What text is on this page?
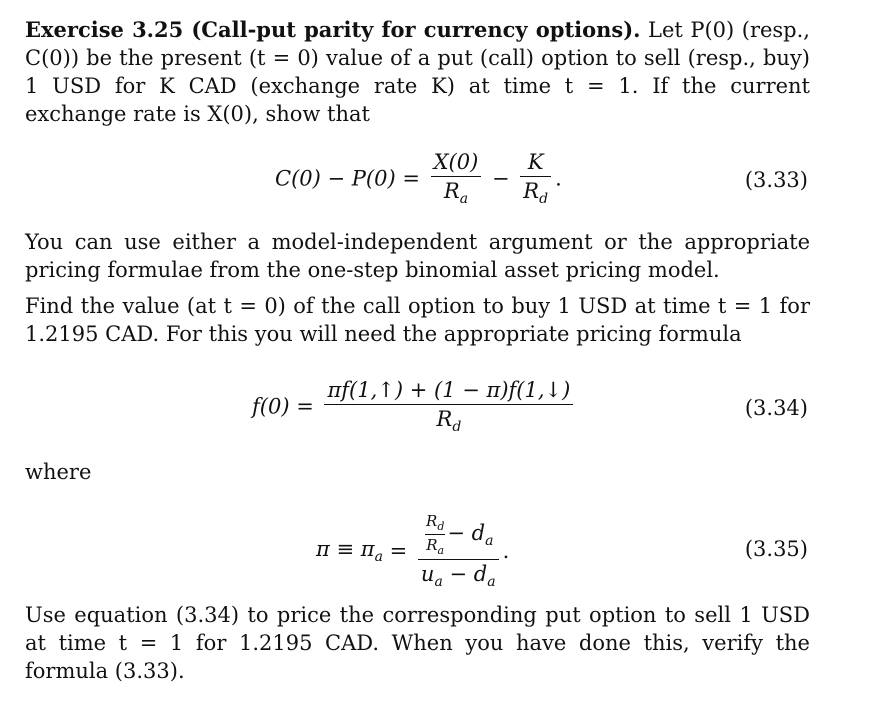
Exercise 3.25 (Call-put parity for currency options). Let P(0) (resp., C(0)) be the present (t = 0) value of a put (call) option to sell (resp., buy) 1 USD for K CAD (exchange rate K) at time t = 1. If the current exchange rate is X(0), show that
$C(0) - P(0) = \frac{X(0)}{R_a} - \frac{K}{R_d}$ .	(3.33)
You can use either a model-independent argument or the appropriate pricing formulae from the one-step binomial asset pricing model.
Find the value (at t = 0) of the call option to buy 1 USD at time t = 1 for 1.2195 CAD. For this you will need the appropriate pricing formula
$f(0) = \frac{\pi f(1,↑) + (1 - \pi)f(1,↓)}{R_d}$	(3.34)
where
$\pi \equiv \pi_a = \frac{\frac{R_d}{R_a} - d_a}{u_a - d_a}$ .	(3.35)
Use equation (3.34) to price the corresponding put option to sell 1 USD at time t = 1 for 1.2195 CAD. When you have done this, verify the formula (3.33).
